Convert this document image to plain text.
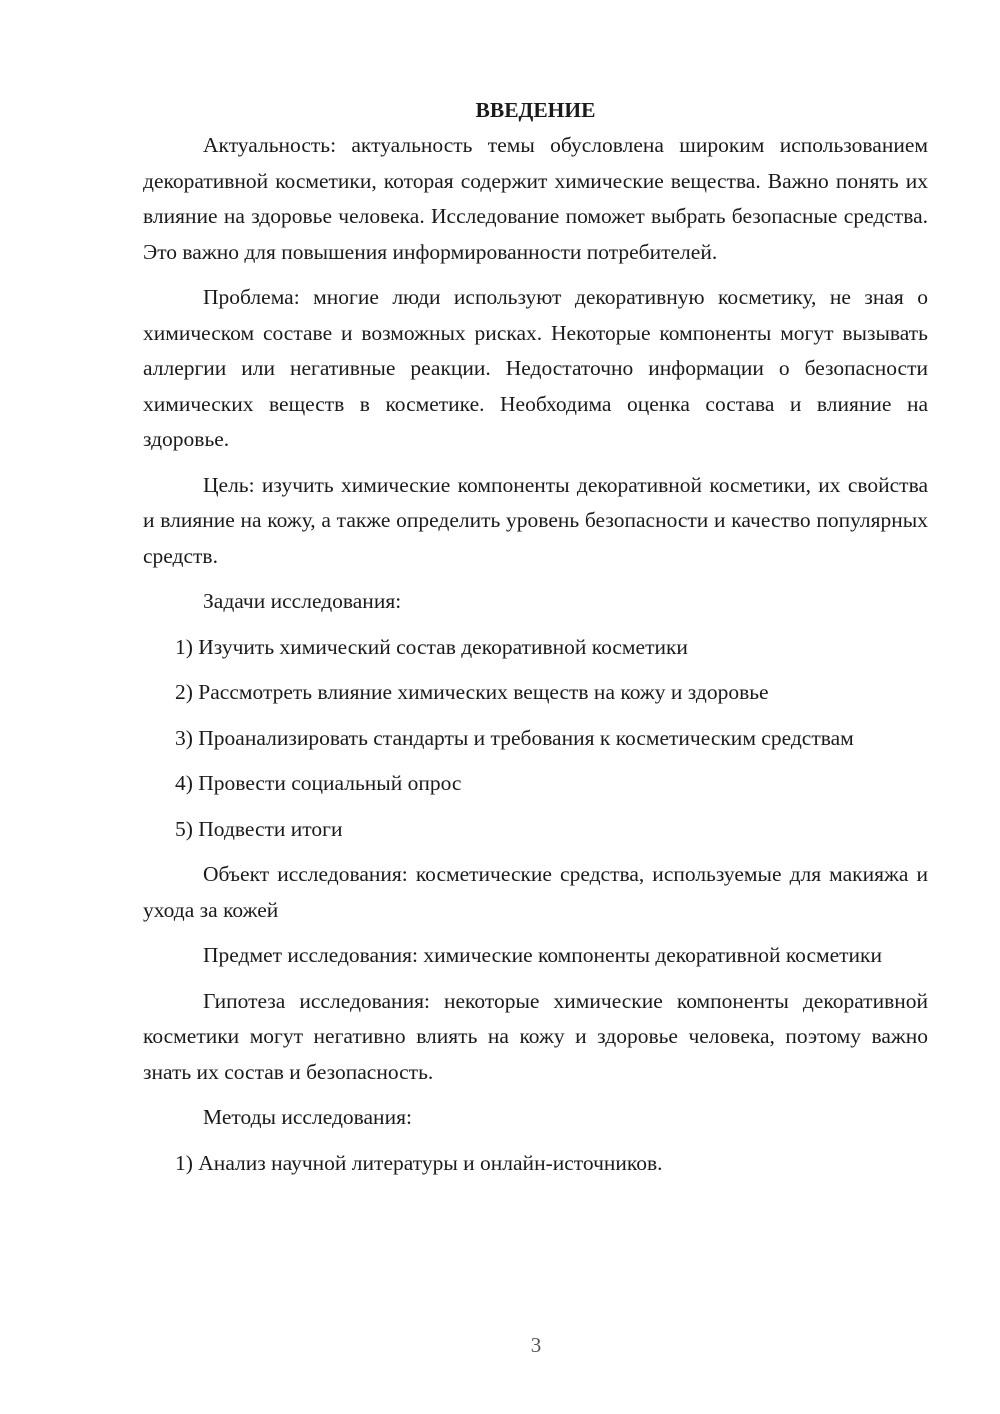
ВВЕДЕНИЕ

Актуальность: актуальность темы обусловлена широким использованием декоративной косметики, которая содержит химические вещества. Важно понять их влияние на здоровье человека. Исследование поможет выбрать безопасные средства. Это важно для повышения информированности потребителей.

Проблема: многие люди используют декоративную косметику, не зная о химическом составе и возможных рисках. Некоторые компоненты могут вызывать аллергии или негативные реакции. Недостаточно информации о безопасности химических веществ в косметике. Необходима оценка состава и влияние на здоровье.

Цель: изучить химические компоненты декоративной косметики, их свойства и влияние на кожу, а также определить уровень безопасности и качество популярных средств.

Задачи исследования:

1) Изучить химический состав декоративной косметики

2) Рассмотреть влияние химических веществ на кожу и здоровье

3) Проанализировать стандарты и требования к косметическим средствам

4) Провести социальный опрос

5) Подвести итоги

Объект исследования: косметические средства, используемые для макияжа и ухода за кожей

Предмет исследования: химические компоненты декоративной косметики

Гипотеза исследования: некоторые химические компоненты декоративной косметики могут негативно влиять на кожу и здоровье человека, поэтому важно знать их состав и безопасность.

Методы исследования:

1) Анализ научной литературы и онлайн-источников.

3
